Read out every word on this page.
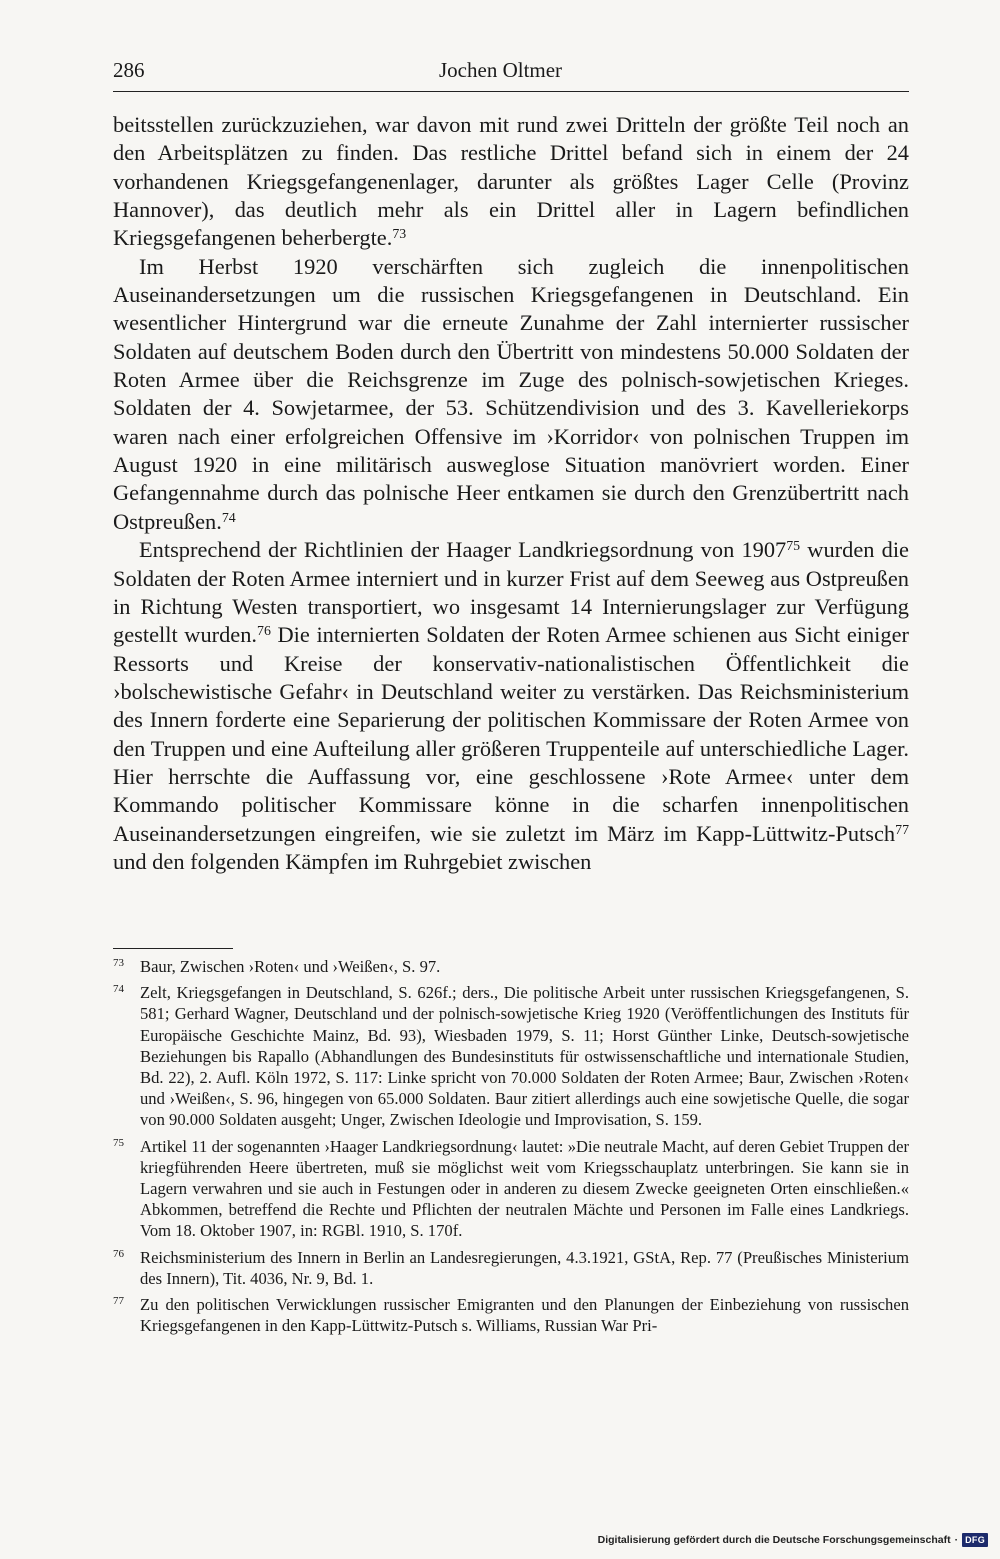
286	Jochen Oltmer

beitsstellen zurückzuziehen, war davon mit rund zwei Dritteln der größte Teil noch an den Arbeitsplätzen zu finden. Das restliche Drittel befand sich in einem der 24 vorhandenen Kriegsgefangenenlager, darunter als größtes Lager Celle (Provinz Hannover), das deutlich mehr als ein Drittel aller in Lagern befindlichen Kriegsgefangenen beherbergte.$^{73}$

Im Herbst 1920 verschärften sich zugleich die innenpolitischen Auseinandersetzungen um die russischen Kriegsgefangenen in Deutschland. Ein wesentlicher Hintergrund war die erneute Zunahme der Zahl internierter russischer Soldaten auf deutschem Boden durch den Übertritt von mindestens 50.000 Soldaten der Roten Armee über die Reichsgrenze im Zuge des polnisch-sowjetischen Krieges. Soldaten der 4. Sowjetarmee, der 53. Schützendivision und des 3. Kavelleriekorps waren nach einer erfolgreichen Offensive im ›Korridor‹ von polnischen Truppen im August 1920 in eine militärisch ausweglose Situation manövriert worden. Einer Gefangennahme durch das polnische Heer entkamen sie durch den Grenzübertritt nach Ostpreußen.$^{74}$

Entsprechend der Richtlinien der Haager Landkriegsordnung von 1907$^{75}$ wurden die Soldaten der Roten Armee interniert und in kurzer Frist auf dem Seeweg aus Ostpreußen in Richtung Westen transportiert, wo insgesamt 14 Internierungslager zur Verfügung gestellt wurden.$^{76}$ Die internierten Soldaten der Roten Armee schienen aus Sicht einiger Ressorts und Kreise der konservativ-nationalistischen Öffentlichkeit die ›bolschewistische Gefahr‹ in Deutschland weiter zu verstärken. Das Reichsministerium des Innern forderte eine Separierung der politischen Kommissare der Roten Armee von den Truppen und eine Aufteilung aller größeren Truppenteile auf unterschiedliche Lager. Hier herrschte die Auffassung vor, eine geschlossene ›Rote Armee‹ unter dem Kommando politischer Kommissare könne in die scharfen innenpolitischen Auseinandersetzungen eingreifen, wie sie zuletzt im März im Kapp-Lüttwitz-Putsch$^{77}$ und den folgenden Kämpfen im Ruhrgebiet zwischen

73 Baur, Zwischen ›Roten‹ und ›Weißen‹, S. 97.
74 Zelt, Kriegsgefangen in Deutschland, S. 626f.; ders., Die politische Arbeit unter russischen Kriegsgefangenen, S. 581; Gerhard Wagner, Deutschland und der polnisch-sowjetische Krieg 1920 (Veröffentlichungen des Instituts für Europäische Geschichte Mainz, Bd. 93), Wiesbaden 1979, S. 11; Horst Günther Linke, Deutsch-sowjetische Beziehungen bis Rapallo (Abhandlungen des Bundesinstituts für ostwissenschaftliche und internationale Studien, Bd. 22), 2. Aufl. Köln 1972, S. 117: Linke spricht von 70.000 Soldaten der Roten Armee; Baur, Zwischen ›Roten‹ und ›Weißen‹, S. 96, hingegen von 65.000 Soldaten. Baur zitiert allerdings auch eine sowjetische Quelle, die sogar von 90.000 Soldaten ausgeht; Unger, Zwischen Ideologie und Improvisation, S. 159.
75 Artikel 11 der sogenannten ›Haager Landkriegsordnung‹ lautet: »Die neutrale Macht, auf deren Gebiet Truppen der kriegführenden Heere übertreten, muß sie möglichst weit vom Kriegsschauplatz unterbringen. Sie kann sie in Lagern verwahren und sie auch in Festungen oder in anderen zu diesem Zwecke geeigneten Orten einschließen.« Abkommen, betreffend die Rechte und Pflichten der neutralen Mächte und Personen im Falle eines Landkriegs. Vom 18. Oktober 1907, in: RGBl. 1910, S. 170f.
76 Reichsministerium des Innern in Berlin an Landesregierungen, 4.3.1921, GStA, Rep. 77 (Preußisches Ministerium des Innern), Tit. 4036, Nr. 9, Bd. 1.
77 Zu den politischen Verwicklungen russischer Emigranten und den Planungen der Einbeziehung von russischen Kriegsgefangenen in den Kapp-Lüttwitz-Putsch s. Williams, Russian War Pri-
Digitalisierung gefördert durch die Deutsche Forschungsgemeinschaft · DFG
